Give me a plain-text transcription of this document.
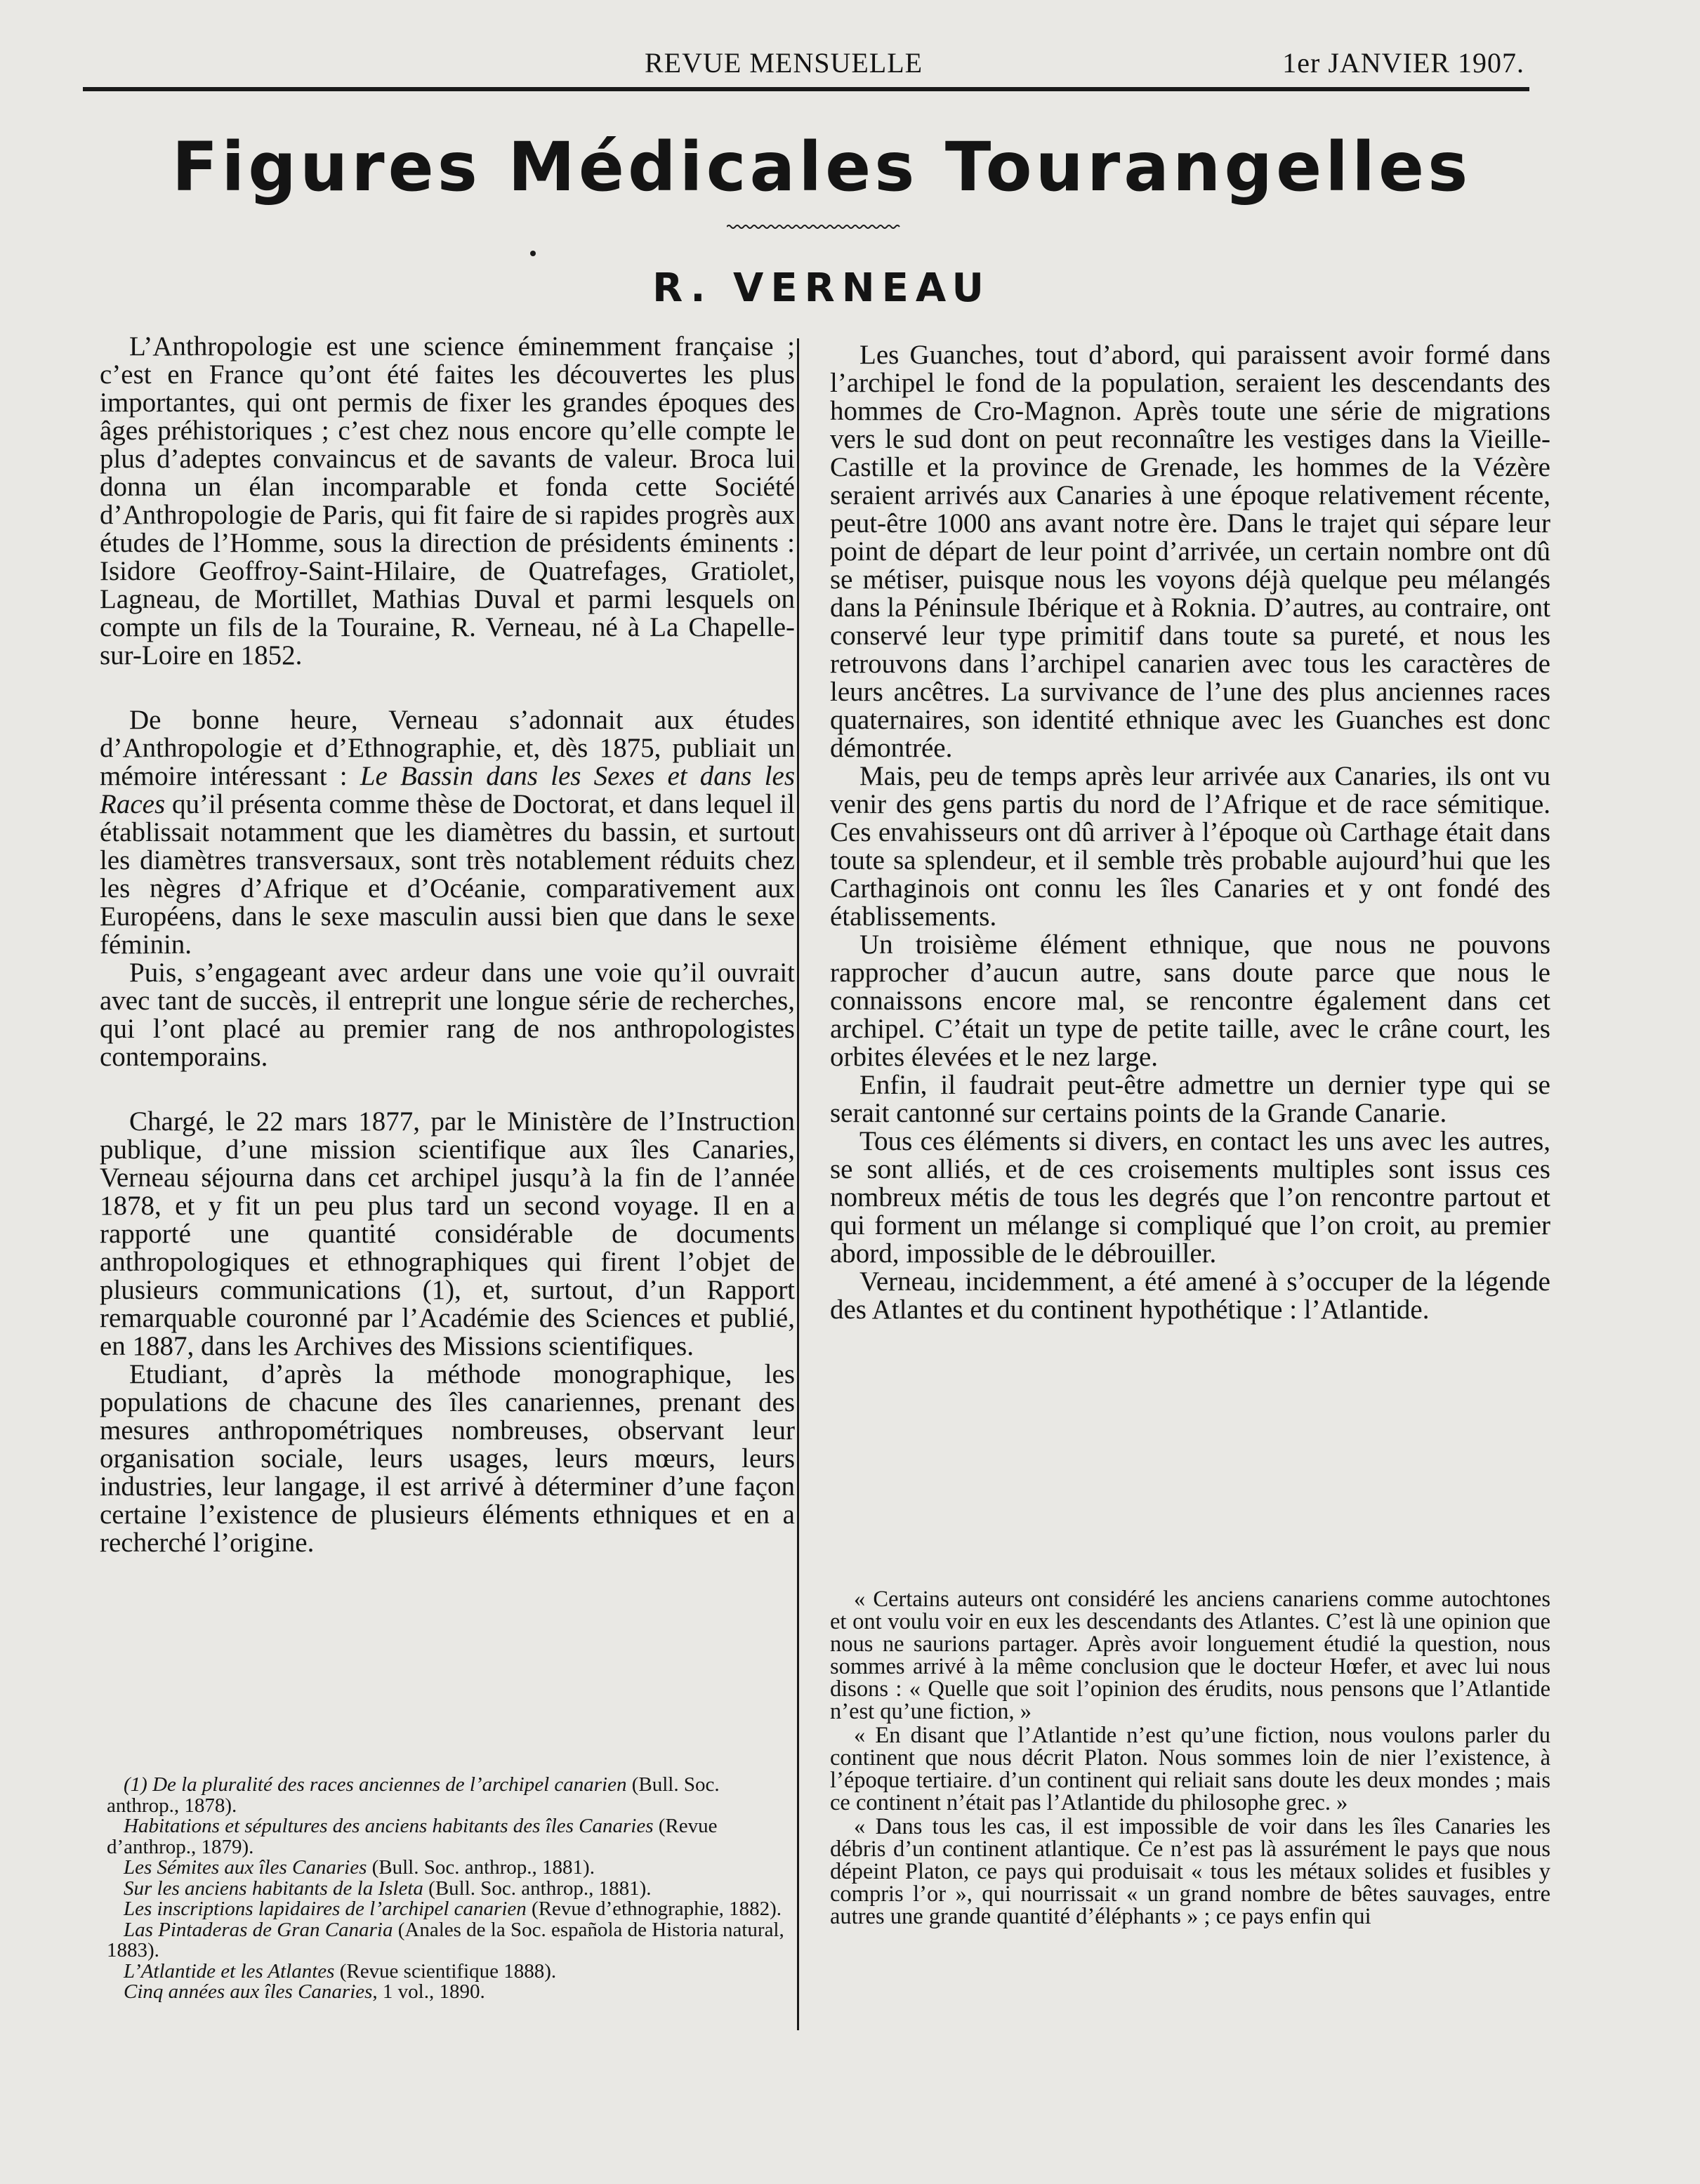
REVUE MENSUELLE	1er JANVIER 1907.
Figures Médicales Tourangelles
R. VERNEAU

L’Anthropologie est une science éminemment française ; c’est en France qu’ont été faites les découvertes les plus importantes, qui ont permis de fixer les grandes époques des âges préhistoriques ; c’est chez nous encore qu’elle compte le plus d’adeptes convaincus et de savants de valeur. Broca lui donna un élan incomparable et fonda cette Société d’Anthropologie de Paris, qui fit faire de si rapides progrès aux études de l’Homme, sous la direction de présidents éminents : Isidore Geoffroy-Saint-Hilaire, de Quatrefages, Gratiolet, Lagneau, de Mortillet, Mathias Duval et parmi lesquels on compte un fils de la Touraine, R. Verneau, né à La Chapelle-sur-Loire en 1852.

De bonne heure, Verneau s’adonnait aux études d’Anthropologie et d’Ethnographie, et, dès 1875, publiait un mémoire intéressant : Le Bassin dans les Sexes et dans les Races qu’il présenta comme thèse de Doctorat, et dans lequel il établissait notamment que les diamètres du bassin, et surtout les diamètres transversaux, sont très notablement réduits chez les nègres d’Afrique et d’Océanie, comparativement aux Européens, dans le sexe masculin aussi bien que dans le sexe féminin.

Puis, s’engageant avec ardeur dans une voie qu’il ouvrait avec tant de succès, il entreprit une longue série de recherches, qui l’ont placé au premier rang de nos anthropologistes contemporains.

Chargé, le 22 mars 1877, par le Ministère de l’Instruction publique, d’une mission scientifique aux îles Canaries, Verneau séjourna dans cet archipel jusqu’à la fin de l’année 1878, et y fit un peu plus tard un second voyage. Il en a rapporté une quantité considérable de documents anthropologiques et ethnographiques qui firent l’objet de plusieurs communications (1), et, surtout, d’un Rapport remarquable couronné par l’Académie des Sciences et publié, en 1887, dans les Archives des Missions scientifiques.

Etudiant, d’après la méthode monographique, les populations de chacune des îles canariennes, prenant des mesures anthropométriques nombreuses, observant leur organisation sociale, leurs usages, leurs mœurs, leurs industries, leur langage, il est arrivé à déterminer d’une façon certaine l’existence de plusieurs éléments ethniques et en a recherché l’origine.

(1) De la pluralité des races anciennes de l’archipel canarien (Bull. Soc. anthrop., 1878).

Habitations et sépultures des anciens habitants des îles Canaries (Revue d’anthrop., 1879).

Les Sémites aux îles Canaries (Bull. Soc. anthrop., 1881).

Sur les anciens habitants de la Isleta (Bull. Soc. anthrop., 1881).

Les inscriptions lapidaires de l’archipel canarien (Revue d’ethnographie, 1882).

Las Pintaderas de Gran Canaria (Anales de la Soc. española de Historia natural, 1883).

L’Atlantide et les Atlantes (Revue scientifique 1888).

Cinq années aux îles Canaries, 1 vol., 1890.

Les Guanches, tout d’abord, qui paraissent avoir formé dans l’archipel le fond de la population, seraient les descendants des hommes de Cro-Magnon. Après toute une série de migrations vers le sud dont on peut reconnaître les vestiges dans la Vieille-Castille et la province de Grenade, les hommes de la Vézère seraient arrivés aux Canaries à une époque relativement récente, peut-être 1000 ans avant notre ère. Dans le trajet qui sépare leur point de départ de leur point d’arrivée, un certain nombre ont dû se métiser, puisque nous les voyons déjà quelque peu mélangés dans la Péninsule Ibérique et à Roknia. D’autres, au contraire, ont conservé leur type primitif dans toute sa pureté, et nous les retrouvons dans l’archipel canarien avec tous les caractères de leurs ancêtres. La survivance de l’une des plus anciennes races quaternaires, son identité ethnique avec les Guanches est donc démontrée.

Mais, peu de temps après leur arrivée aux Canaries, ils ont vu venir des gens partis du nord de l’Afrique et de race sémitique. Ces envahisseurs ont dû arriver à l’époque où Carthage était dans toute sa splendeur, et il semble très probable aujourd’hui que les Carthaginois ont connu les îles Canaries et y ont fondé des établissements.

Un troisième élément ethnique, que nous ne pouvons rapprocher d’aucun autre, sans doute parce que nous le connaissons encore mal, se rencontre également dans cet archipel. C’était un type de petite taille, avec le crâne court, les orbites élevées et le nez large.

Enfin, il faudrait peut-être admettre un dernier type qui se serait cantonné sur certains points de la Grande Canarie.

Tous ces éléments si divers, en contact les uns avec les autres, se sont alliés, et de ces croisements multiples sont issus ces nombreux métis de tous les degrés que l’on rencontre partout et qui forment un mélange si compliqué que l’on croit, au premier abord, impossible de le débrouiller.

Verneau, incidemment, a été amené à s’occuper de la légende des Atlantes et du continent hypothétique : l’Atlantide.

« Certains auteurs ont considéré les anciens canariens comme autochtones et ont voulu voir en eux les descendants des Atlantes. C’est là une opinion que nous ne saurions partager. Après avoir longuement étudié la question, nous sommes arrivé à la même conclusion que le docteur Hœfer, et avec lui nous disons : « Quelle que soit l’opinion des érudits, nous pensons que l’Atlantide n’est qu’une fiction, »

« En disant que l’Atlantide n’est qu’une fiction, nous voulons parler du continent que nous décrit Platon. Nous sommes loin de nier l’existence, à l’époque tertiaire. d’un continent qui reliait sans doute les deux mondes ; mais ce continent n’était pas l’Atlantide du philosophe grec. »

« Dans tous les cas, il est impossible de voir dans les îles Canaries les débris d’un continent atlantique. Ce n’est pas là assurément le pays que nous dépeint Platon, ce pays qui produisait « tous les métaux solides et fusibles y compris l’or », qui nourrissait « un grand nombre de bêtes sauvages, entre autres une grande quantité d’éléphants » ; ce pays enfin qui
